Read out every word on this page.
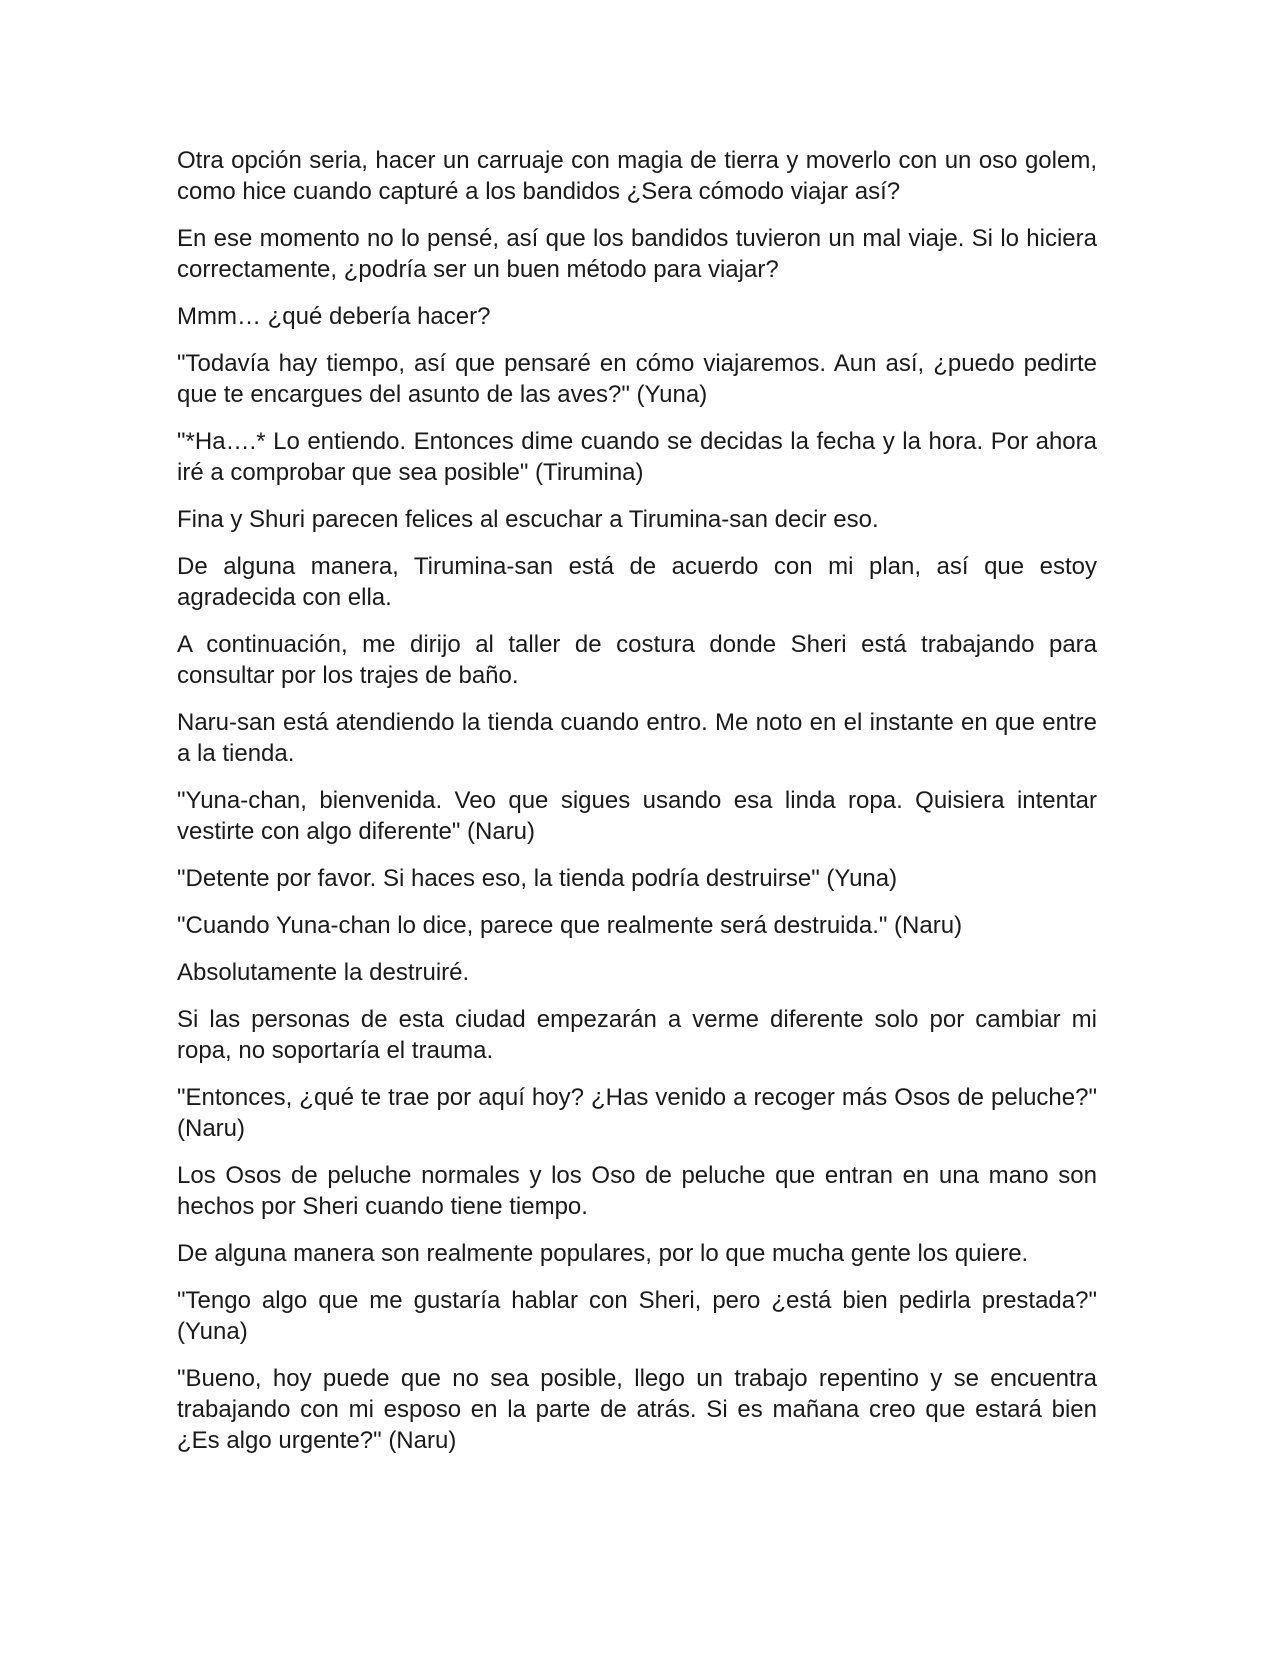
Otra opción seria, hacer un carruaje con magia de tierra y moverlo con un oso golem, como hice cuando capturé a los bandidos ¿Sera cómodo viajar así?

En ese momento no lo pensé, así que los bandidos tuvieron un mal viaje. Si lo hiciera correctamente, ¿podría ser un buen método para viajar?

Mmm… ¿qué debería hacer?

"Todavía hay tiempo, así que pensaré en cómo viajaremos. Aun así, ¿puedo pedirte que te encargues del asunto de las aves?" (Yuna)

"*Ha….* Lo entiendo. Entonces dime cuando se decidas la fecha y la hora. Por ahora iré a comprobar que sea posible" (Tirumina)

Fina y Shuri parecen felices al escuchar a Tirumina-san decir eso.

De alguna manera, Tirumina-san está de acuerdo con mi plan, así que estoy agradecida con ella.

A continuación, me dirijo al taller de costura donde Sheri está trabajando para consultar por los trajes de baño.

Naru-san está atendiendo la tienda cuando entro. Me noto en el instante en que entre a la tienda.

"Yuna-chan, bienvenida. Veo que sigues usando esa linda ropa. Quisiera intentar vestirte con algo diferente" (Naru)

"Detente por favor. Si haces eso, la tienda podría destruirse" (Yuna)

"Cuando Yuna-chan lo dice, parece que realmente será destruida." (Naru)

Absolutamente la destruiré.

Si las personas de esta ciudad empezarán a verme diferente solo por cambiar mi ropa, no soportaría el trauma.

"Entonces, ¿qué te trae por aquí hoy? ¿Has venido a recoger más Osos de peluche?" (Naru)

Los Osos de peluche normales y los Oso de peluche que entran en una mano son hechos por Sheri cuando tiene tiempo.

De alguna manera son realmente populares, por lo que mucha gente los quiere.

"Tengo algo que me gustaría hablar con Sheri, pero ¿está bien pedirla prestada?" (Yuna)

"Bueno, hoy puede que no sea posible, llego un trabajo repentino y se encuentra trabajando con mi esposo en la parte de atrás. Si es mañana creo que estará bien ¿Es algo urgente?" (Naru)
